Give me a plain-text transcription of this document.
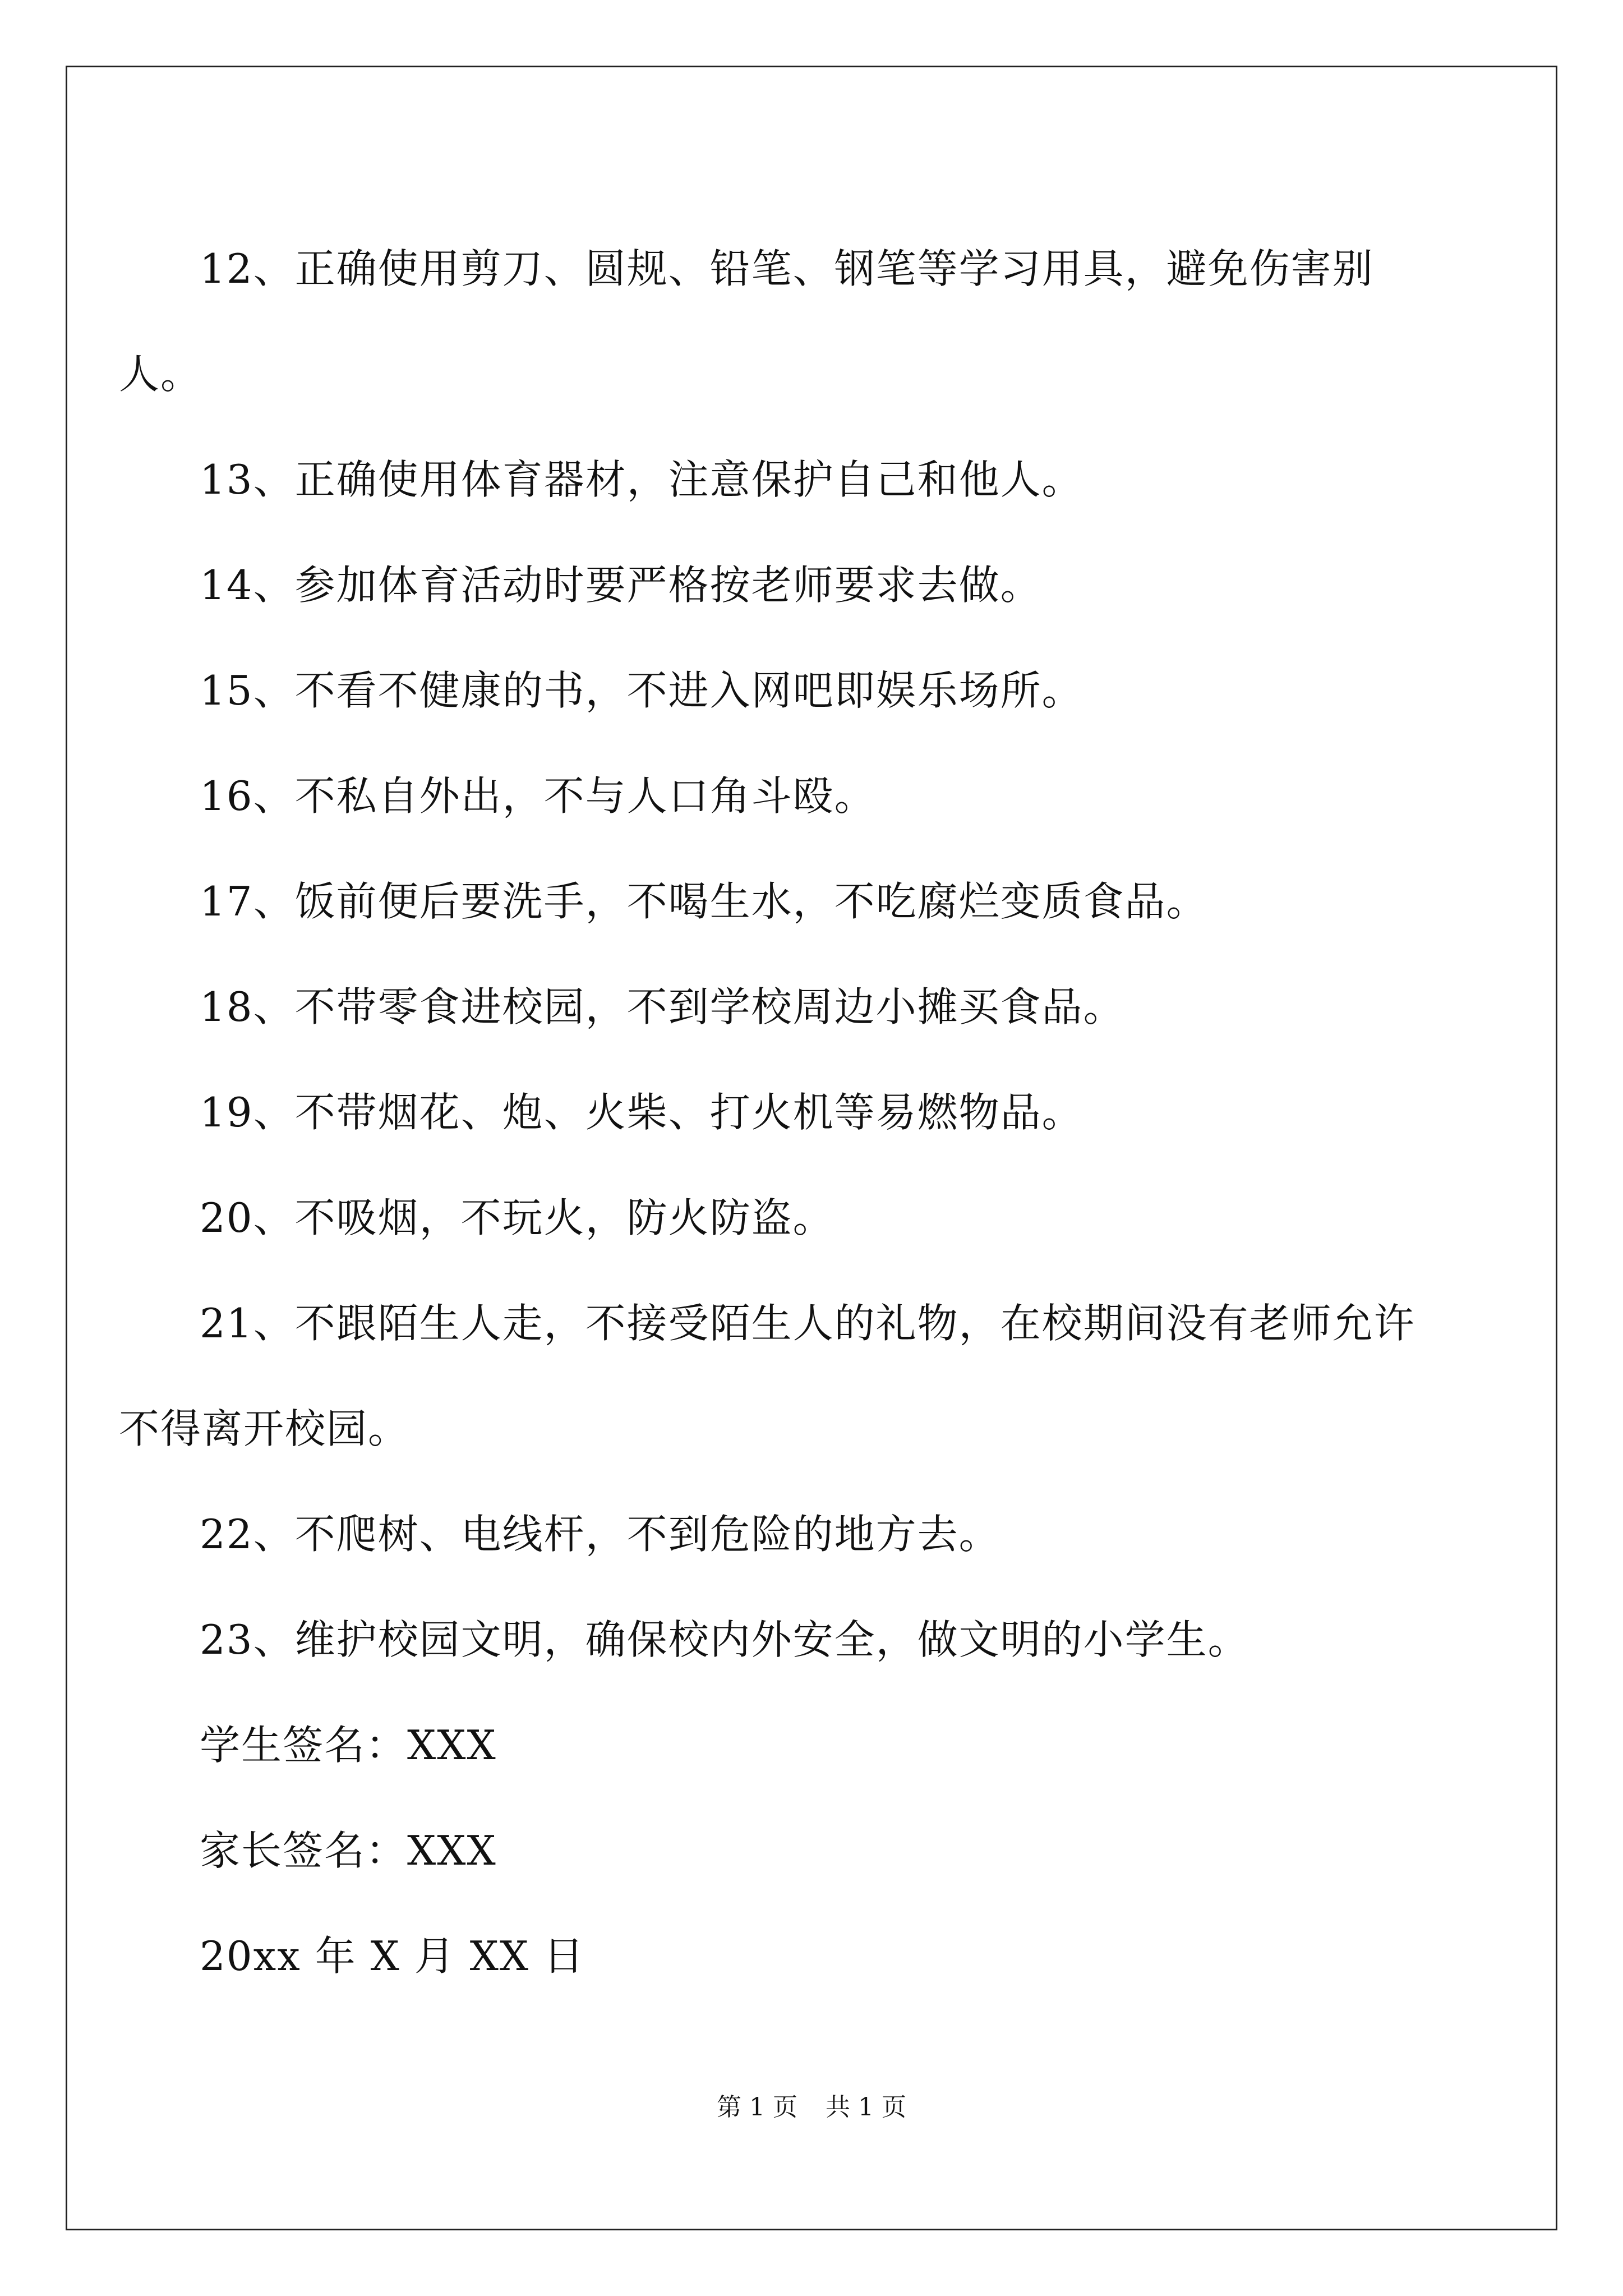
12、正确使用剪刀、圆规、铅笔、钢笔等学习用具，避免伤害别人。

13、正确使用体育器材，注意保护自己和他人。

14、参加体育活动时要严格按老师要求去做。

15、不看不健康的书，不进入网吧即娱乐场所。

16、不私自外出，不与人口角斗殴。

17、饭前便后要洗手，不喝生水，不吃腐烂变质食品。

18、不带零食进校园，不到学校周边小摊买食品。

19、不带烟花、炮、火柴、打火机等易燃物品。

20、不吸烟，不玩火，防火防盗。

21、不跟陌生人走，不接受陌生人的礼物，在校期间没有老师允许不得离开校园。

22、不爬树、电线杆，不到危险的地方去。

23、维护校园文明，确保校内外安全，做文明的小学生。

学生签名：XXX

家长签名：XXX

20xx 年 X 月 XX 日

第 1 页 共 1 页
